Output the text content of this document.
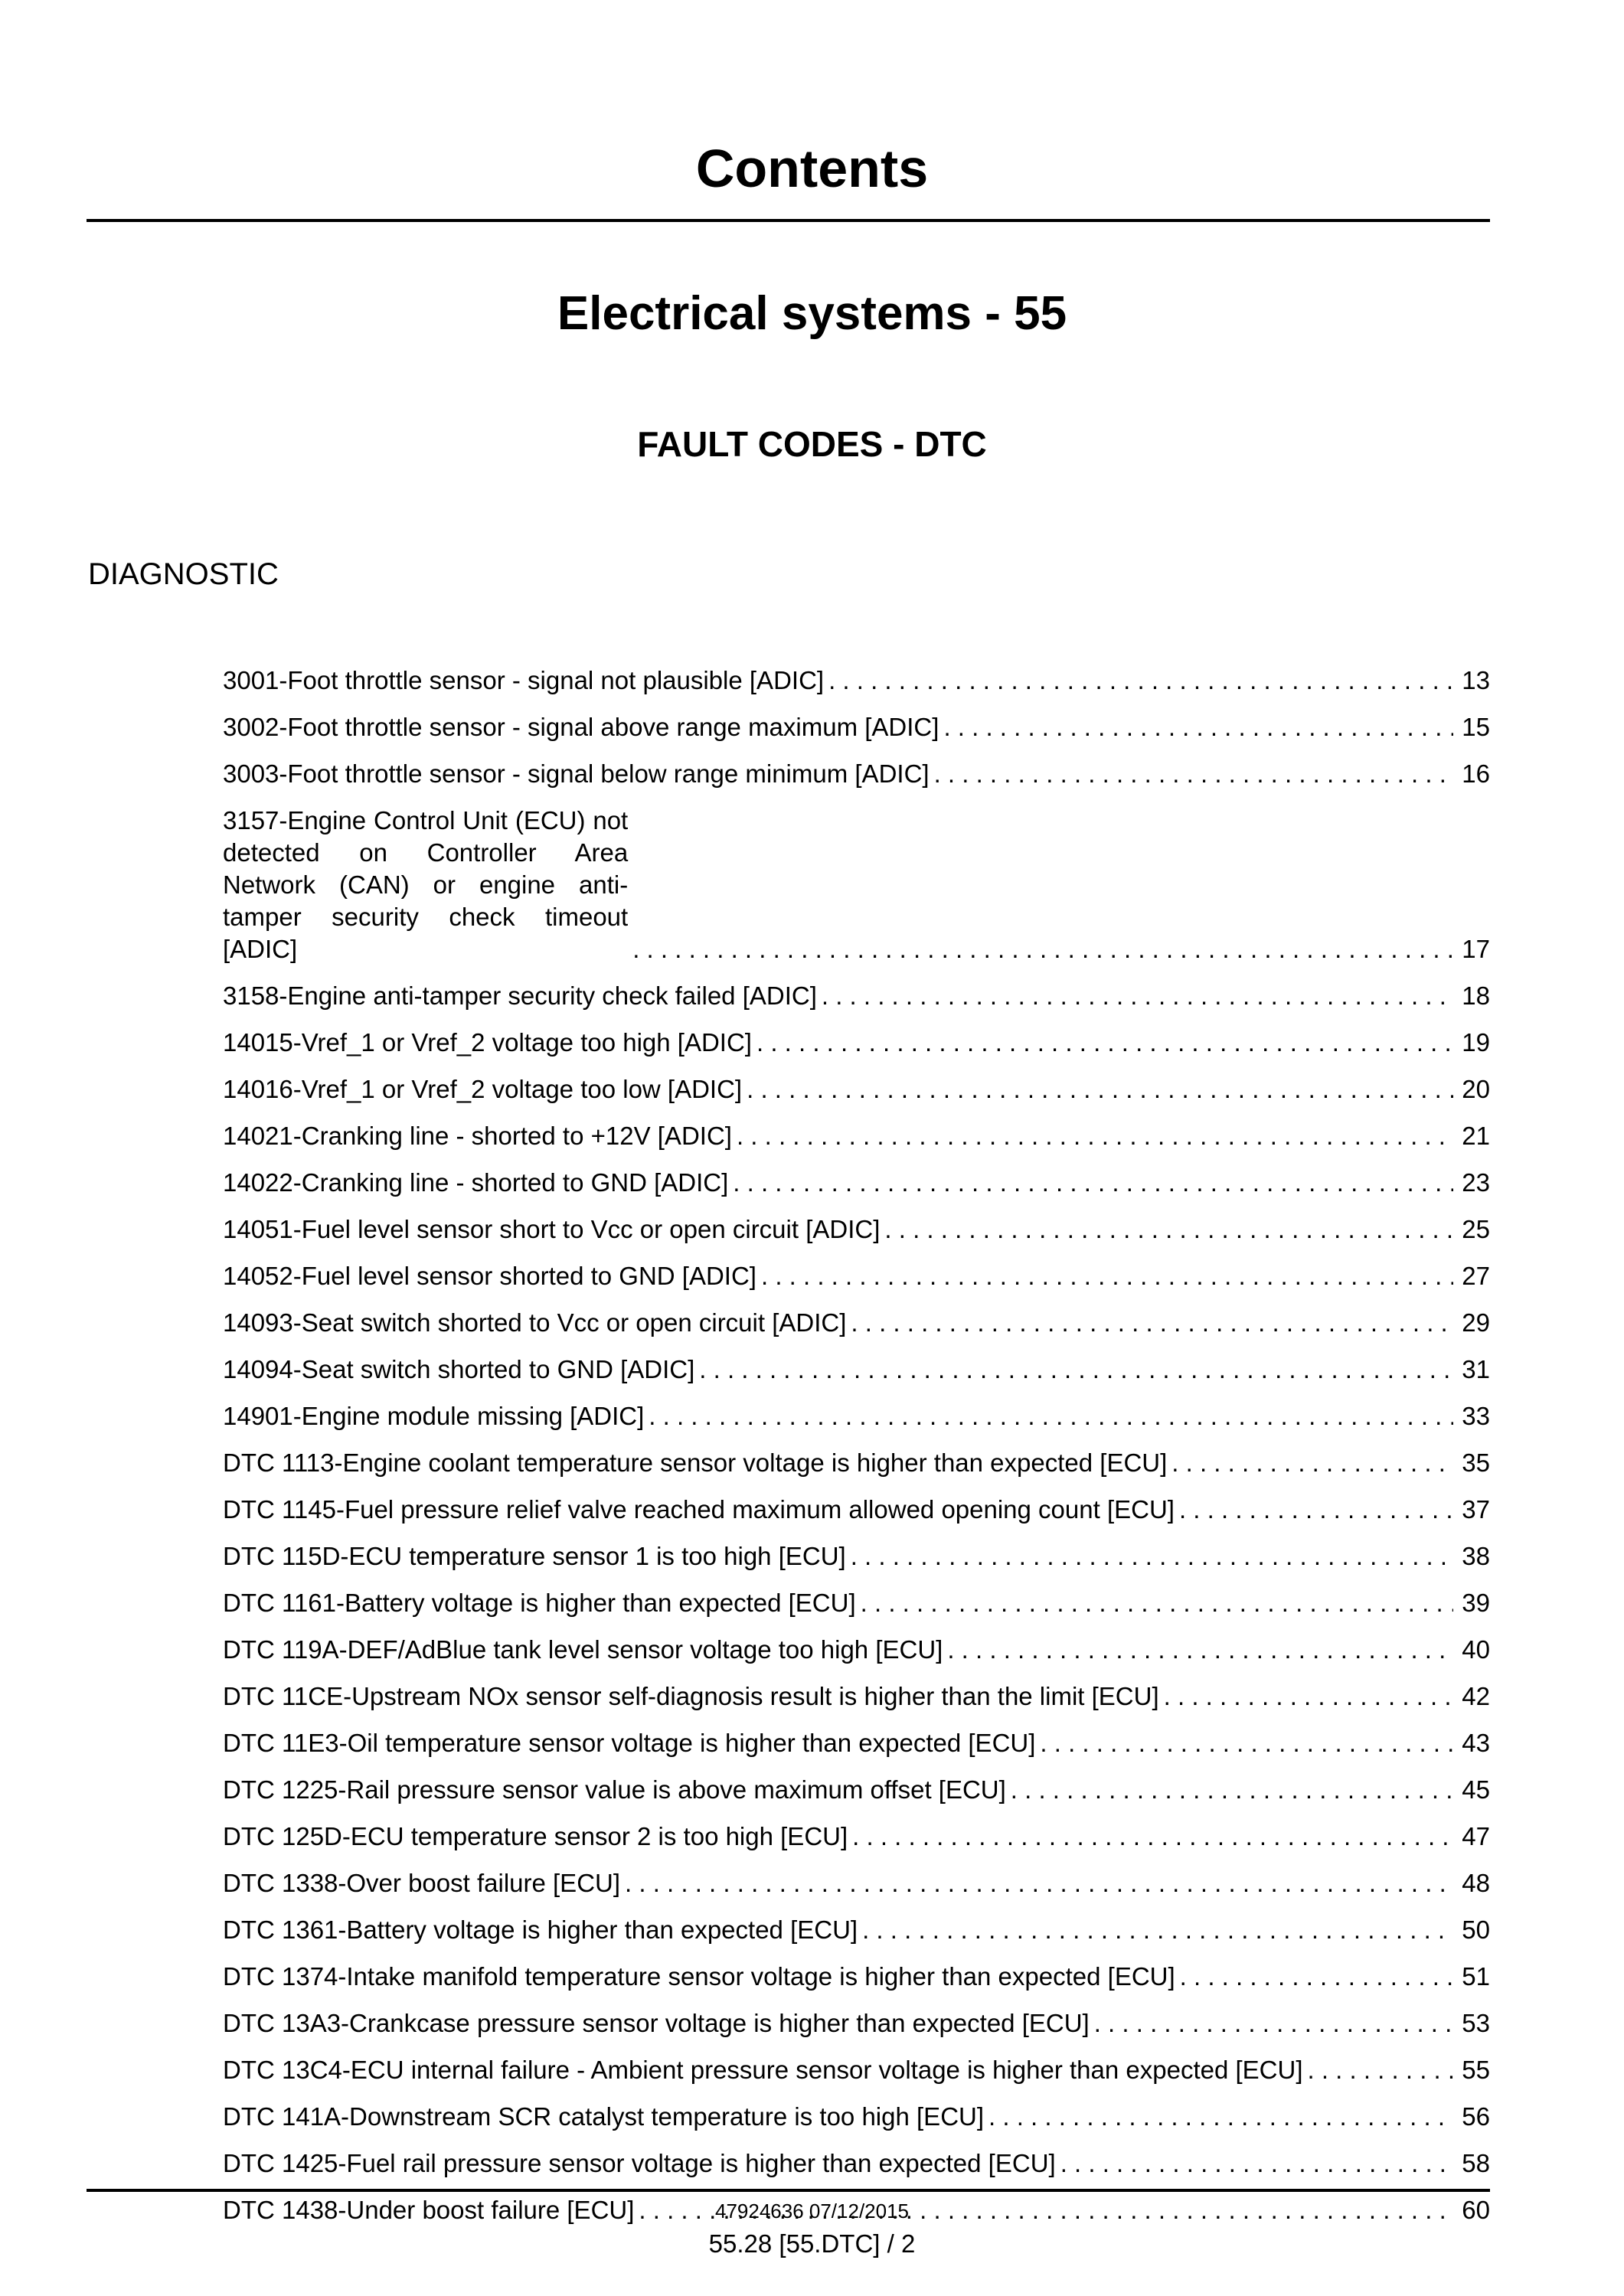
Contents
Electrical systems - 55
FAULT CODES - DTC
DIAGNOSTIC
3001-Foot throttle sensor - signal not plausible [ADIC] . . .	13
3002-Foot throttle sensor - signal above range maximum [ADIC] . . .	15
3003-Foot throttle sensor - signal below range minimum [ADIC] . . .	16
3157-Engine Control Unit (ECU) not detected on Controller Area Network (CAN) or engine anti-tamper security check timeout [ADIC] . . .	17
3158-Engine anti-tamper security check failed [ADIC] . . .	18
14015-Vref_1 or Vref_2 voltage too high [ADIC] . . .	19
14016-Vref_1 or Vref_2 voltage too low [ADIC] . . .	20
14021-Cranking line - shorted to +12V [ADIC] . . .	21
14022-Cranking line - shorted to GND [ADIC] . . .	23
14051-Fuel level sensor short to Vcc or open circuit [ADIC] . . .	25
14052-Fuel level sensor shorted to GND [ADIC] . . .	27
14093-Seat switch shorted to Vcc or open circuit [ADIC] . . .	29
14094-Seat switch shorted to GND [ADIC] . . .	31
14901-Engine module missing [ADIC] . . .	33
DTC 1113-Engine coolant temperature sensor voltage is higher than expected [ECU] . . .	35
DTC 1145-Fuel pressure relief valve reached maximum allowed opening count [ECU] . . .	37
DTC 115D-ECU temperature sensor 1 is too high [ECU] . . .	38
DTC 1161-Battery voltage is higher than expected [ECU] . . .	39
DTC 119A-DEF/AdBlue tank level sensor voltage too high [ECU] . . .	40
DTC 11CE-Upstream NOx sensor self-diagnosis result is higher than the limit [ECU] . . .	42
DTC 11E3-Oil temperature sensor voltage is higher than expected [ECU] . . .	43
DTC 1225-Rail pressure sensor value is above maximum offset [ECU] . . .	45
DTC 125D-ECU temperature sensor 2 is too high [ECU] . . .	47
DTC 1338-Over boost failure [ECU] . . .	48
DTC 1361-Battery voltage is higher than expected [ECU] . . .	50
DTC 1374-Intake manifold temperature sensor voltage is higher than expected [ECU] . . .	51
DTC 13A3-Crankcase pressure sensor voltage is higher than expected [ECU] . . .	53
DTC 13C4-ECU internal failure - Ambient pressure sensor voltage is higher than expected [ECU] . . .	55
DTC 141A-Downstream SCR catalyst temperature is too high [ECU] . . .	56
DTC 1425-Fuel rail pressure sensor voltage is higher than expected [ECU] . . .	58
DTC 1438-Under boost failure [ECU] . . .	60
47924636 07/12/2015
55.28 [55.DTC] / 2
